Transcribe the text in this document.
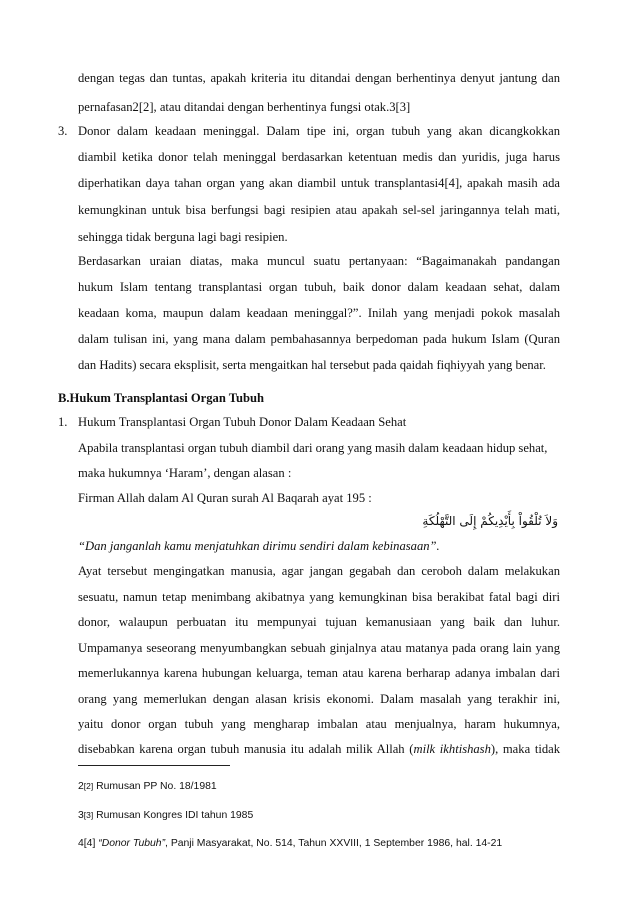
dengan tegas dan tuntas, apakah kriteria itu ditandai dengan berhentinya denyut jantung dan
pernafasan2[2], atau ditandai dengan berhentinya fungsi otak.3[3]
3. Donor dalam keadaan meninggal. Dalam tipe ini, organ tubuh yang akan dicangkokkan
diambil ketika donor telah meninggal berdasarkan ketentuan medis dan yuridis, juga harus
diperhatikan daya tahan organ yang akan diambil untuk transplantasi4[4], apakah masih ada
kemungkinan untuk bisa berfungsi bagi resipien atau apakah sel-sel jaringannya telah mati,
sehingga tidak berguna lagi bagi resipien.
Berdasarkan uraian diatas, maka muncul suatu pertanyaan: “Bagaimanakah pandangan
hukum Islam tentang transplantasi organ tubuh, baik donor dalam keadaan sehat, dalam
keadaan koma, maupun dalam keadaan meninggal?”. Inilah yang menjadi pokok masalah
dalam tulisan ini, yang mana dalam pembahasannya berpedoman pada hukum Islam (Quran
dan Hadits) secara eksplisit, serta mengaitkan hal tersebut pada qaidah fiqhiyyah yang benar.
B.Hukum Transplantasi Organ Tubuh
1. Hukum Transplantasi Organ Tubuh Donor Dalam Keadaan Sehat
Apabila transplantasi organ tubuh diambil dari orang yang masih dalam keadaan hidup sehat,
maka hukumnya ‘Haram’, dengan alasan :
Firman Allah dalam Al Quran surah Al Baqarah ayat 195 :
وَلاَ تُلْقُواْ بِأَيْدِيكُمْ إِلَى التَّهْلُكَةِ
“Dan janganlah kamu menjatuhkan dirimu sendiri dalam kebinasaan”.
Ayat tersebut mengingatkan manusia, agar jangan gegabah dan ceroboh dalam melakukan
sesuatu, namun tetap menimbang akibatnya yang kemungkinan bisa berakibat fatal bagi diri
donor, walaupun perbuatan itu mempunyai tujuan kemanusiaan yang baik dan luhur.
Umpamanya seseorang menyumbangkan sebuah ginjalnya atau matanya pada orang lain yang
memerlukannya karena hubungan keluarga, teman atau karena berharap adanya imbalan dari
orang yang memerlukan dengan alasan krisis ekonomi. Dalam masalah yang terakhir ini,
yaitu donor organ tubuh yang mengharap imbalan atau menjualnya, haram hukumnya,
disebabkan karena organ tubuh manusia itu adalah milik Allah (milk ikhtishash), maka tidak
2[2] Rumusan PP No. 18/1981
3[3] Rumusan Kongres IDI tahun 1985
4[4] “Donor Tubuh”, Panji Masyarakat, No. 514, Tahun XXVIII, 1 September 1986, hal. 14-21
